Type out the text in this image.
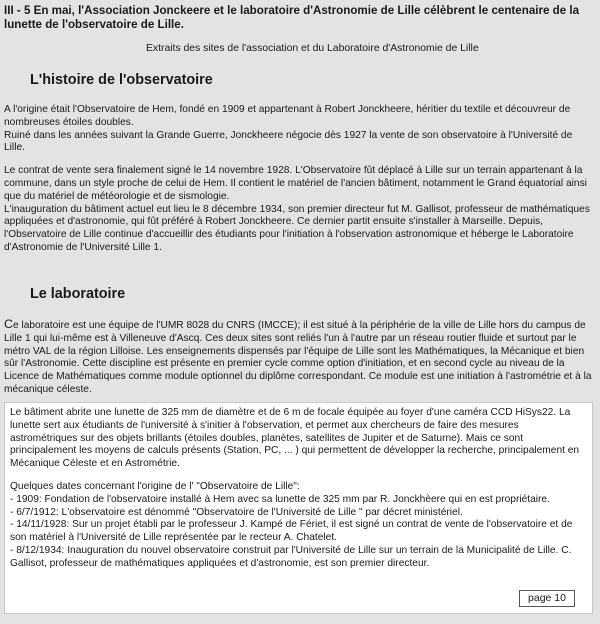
III - 5 En mai, l'Association Jonckeere et le laboratoire d'Astronomie de Lille célèbrent le centenaire de la lunette de l'observatoire de Lille.
Extraits des sites de l'association et du Laboratoire d'Astronomie de Lille
L'histoire de l'observatoire

A l'origine était l'Observatoire de Hem, fondé en 1909 et appartenant à Robert Jonckheere, héritier du textile et découvreur de nombreuses étoiles doubles.

Ruiné dans les années suivant la Grande Guerre, Jonckheere négocie dès 1927 la vente de son observatoire à l'Université de Lille.

Le contrat de vente sera finalement signé le 14 novembre 1928. L'Observatoire fût déplacé à Lille sur un terrain appartenant à la commune, dans un style proche de celui de Hem. Il contient le matériel de l'ancien bâtiment, notamment le Grand équatorial ainsi que du matériel de météorologie et de sismologie.

L'inauguration du bâtiment actuel eut lieu le 8 décembre 1934, son premier directeur fut M. Gallisot, professeur de mathématiques appliquées et d'astronomie, qui fût préféré à Robert Jonckheere. Ce dernier partit ensuite s'installer à Marseille. Depuis, l'Observatoire de Lille continue d'accueillir des étudiants pour l'initiation à l'observation astronomique et héberge le Laboratoire d'Astronomie de l'Université Lille 1.

Le laboratoire

Ce laboratoire est une équipe de l'UMR 8028 du CNRS (IMCCE); il est situé à la périphérie de la ville de Lille hors du campus de Lille 1 qui lui-même est à Villeneuve d'Ascq. Ces deux sites sont reliés l'un à l'autre par un réseau routier fluide et surtout par le métro VAL de la région Lilloise. Les enseignements dispensés par l'équipe de Lille sont les Mathématiques, la Mécanique et bien sûr l'Astronomie. Cette discipline est présente en premier cycle comme option d'initiation, et en second cycle au niveau de la Licence de Mathématiques comme module optionnel du diplôme correspondant. Ce module est une initiation à l'astrométrie et à la mécanique céleste.

Le bâtiment abrite une lunette de 325 mm de diamètre et de 6 m de focale équipée au foyer d'une caméra CCD HiSys22. La lunette sert aux étudiants de l'université à s'initier à l'observation, et permet aux chercheurs de faire des mesures astrométriques sur des objets brillants (étoiles doubles, planètes, satellites de Jupiter et de Saturne). Mais ce sont principalement les moyens de calculs présents (Station, PC, ... ) qui permettent de développer la recherche, principalement en Mécanique Céleste et en Astrométrie.

Quelques dates concernant l'origine de l' "Observatoire de Lille":

- 1909: Fondation de l'observatoire installé à Hem avec sa lunette de 325 mm par R. Jonckhèere qui en est propriétaire.

- 6/7/1912: L'observatoire est dénommé "Observatoire de l'Université de Lille " par décret ministériel.

- 14/11/1928: Sur un projet établi par le professeur J. Kampé de Fériet, il est signé un contrat de vente de l'observatoire et de son matériel à l'Université de Lille représentée par le recteur A. Chatelet.

- 8/12/1934: Inauguration du nouvel observatoire construit par l'Université de Lille sur un terrain de la Municipalité de Lille. C. Gallisot, professeur de mathématiques appliquées et d'astronomie, est son premier directeur.

page 10
